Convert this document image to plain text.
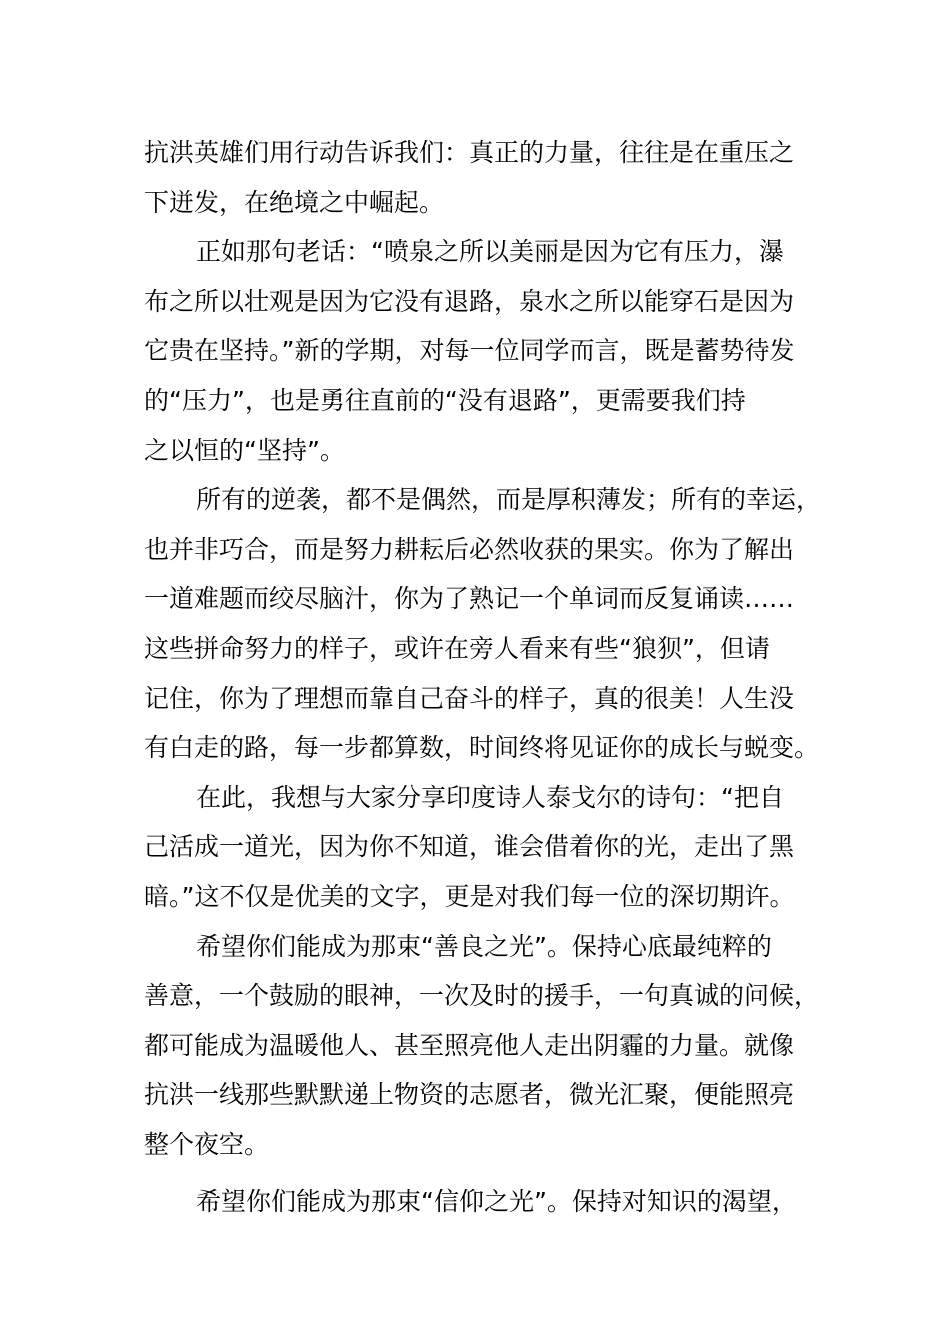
抗洪英雄们用行动告诉我们：真正的力量，往往是在重压之
下迸发，在绝境之中崛起。
正如那句老话：“喷泉之所以美丽是因为它有压力，瀑
布之所以壮观是因为它没有退路，泉水之所以能穿石是因为
它贵在坚持。”新的学期，对每一位同学而言，既是蓄势待发
的“压力”，也是勇往直前的“没有退路”，更需要我们持
之以恒的“坚持”。
所有的逆袭，都不是偶然，而是厚积薄发；所有的幸运，
也并非巧合，而是努力耕耘后必然收获的果实。你为了解出
一道难题而绞尽脑汁，你为了熟记一个单词而反复诵读……
这些拼命努力的样子，或许在旁人看来有些“狼狈”，但请
记住，你为了理想而靠自己奋斗的样子，真的很美！人生没
有白走的路，每一步都算数，时间终将见证你的成长与蜕变。
在此，我想与大家分享印度诗人泰戈尔的诗句：“把自
己活成一道光，因为你不知道，谁会借着你的光，走出了黑
暗。”这不仅是优美的文字，更是对我们每一位的深切期许。
希望你们能成为那束“善良之光”。保持心底最纯粹的
善意，一个鼓励的眼神，一次及时的援手，一句真诚的问候，
都可能成为温暖他人、甚至照亮他人走出阴霾的力量。就像
抗洪一线那些默默递上物资的志愿者，微光汇聚，便能照亮
整个夜空。
希望你们能成为那束“信仰之光”。保持对知识的渴望，
